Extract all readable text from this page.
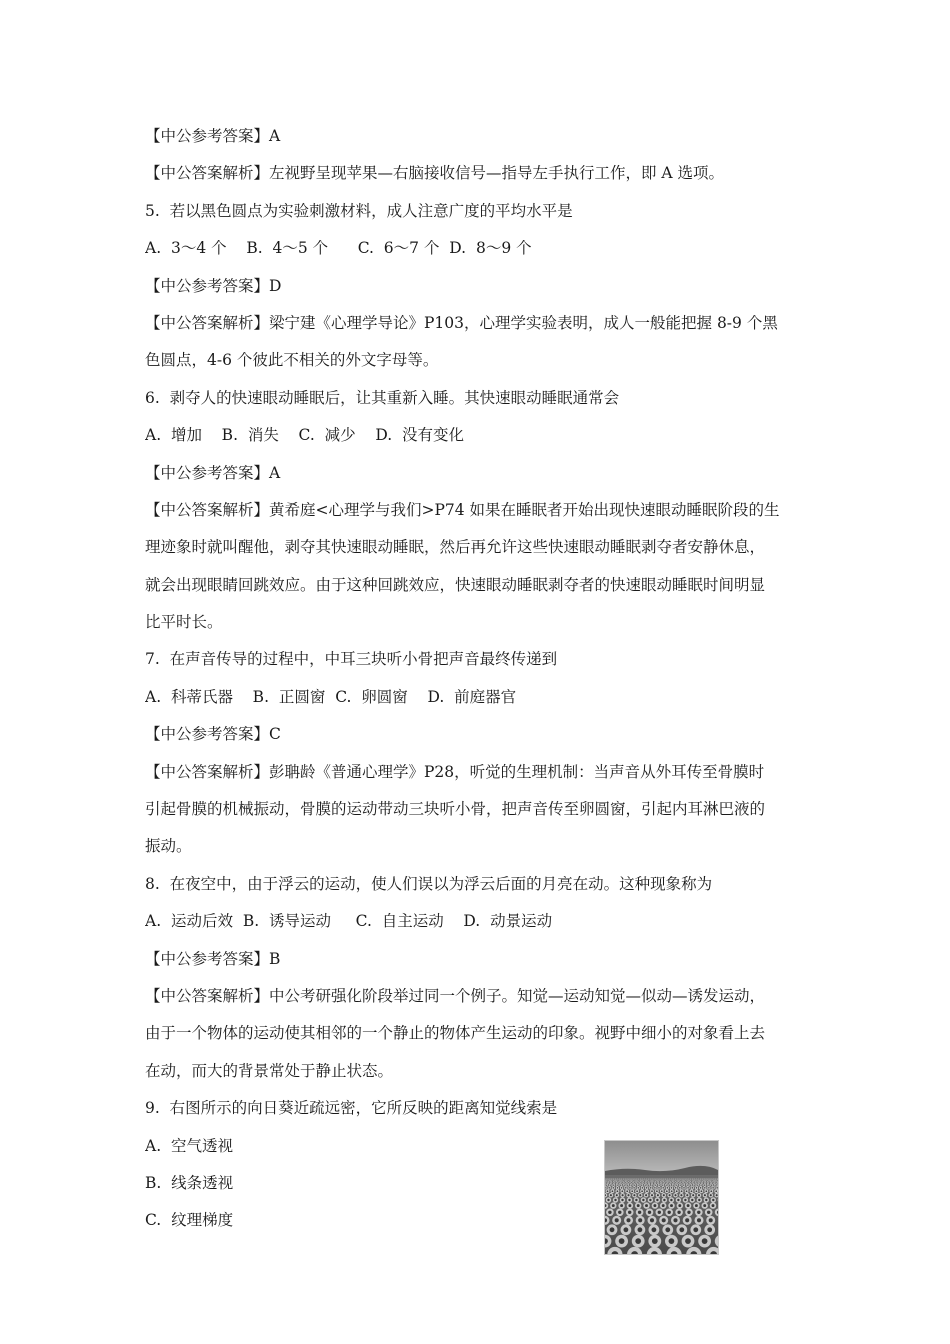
【中公参考答案】A
【中公答案解析】左视野呈现苹果—右脑接收信号—指导左手执行工作，即 A 选项。
5.  若以黑色圆点为实验刺激材料，成人注意广度的平均水平是
A.  3～4 个    B.  4～5 个      C.  6～7 个  D.  8～9 个
【中公参考答案】D
【中公答案解析】梁宁建《心理学导论》P103，心理学实验表明，成人一般能把握 8-9 个黑
色圆点，4-6 个彼此不相关的外文字母等。
6.  剥夺人的快速眼动睡眠后，让其重新入睡。其快速眼动睡眠通常会
A.  增加    B.  消失    C.  减少    D.  没有变化
【中公参考答案】A
【中公答案解析】黄希庭<心理学与我们>P74 如果在睡眠者开始出现快速眼动睡眠阶段的生
理迹象时就叫醒他，剥夺其快速眼动睡眠，然后再允许这些快速眼动睡眠剥夺者安静休息，
就会出现眼睛回跳效应。由于这种回跳效应，快速眼动睡眠剥夺者的快速眼动睡眠时间明显
比平时长。
7.  在声音传导的过程中，中耳三块听小骨把声音最终传递到
A.  科蒂氏器    B.  正圆窗  C.  卵圆窗    D.  前庭器官
【中公参考答案】C
【中公答案解析】彭聃龄《普通心理学》P28，听觉的生理机制：当声音从外耳传至骨膜时
引起骨膜的机械振动，骨膜的运动带动三块听小骨，把声音传至卵圆窗，引起内耳淋巴液的
振动。
8.  在夜空中，由于浮云的运动，使人们误以为浮云后面的月亮在动。这种现象称为
A.  运动后效  B.  诱导运动     C.  自主运动    D.  动景运动
【中公参考答案】B
【中公答案解析】中公考研强化阶段举过同一个例子。知觉—运动知觉—似动—诱发运动，
由于一个物体的运动使其相邻的一个静止的物体产生运动的印象。视野中细小的对象看上去
在动，而大的背景常处于静止状态。
9.  右图所示的向日葵近疏远密，它所反映的距离知觉线索是
A.  空气透视
B.  线条透视
C.  纹理梯度
